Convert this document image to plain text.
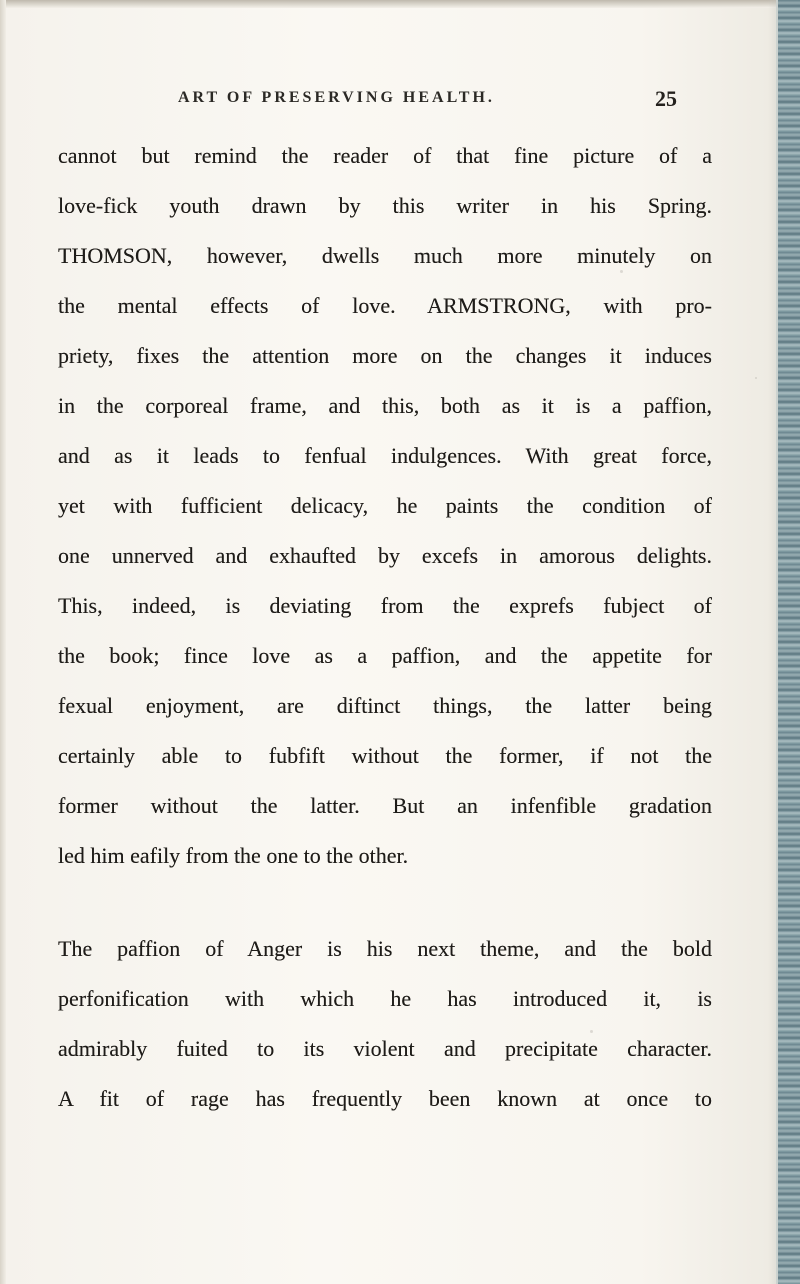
ART OF PRESERVING HEALTH.	25
cannot but remind the reader of that fine picture of a
love-fick youth drawn by this writer in his Spring.
THOMSON, however, dwells much more minutely on
the mental effects of love. ARMSTRONG, with pro-
priety, fixes the attention more on the changes it induces
in the corporeal frame, and this, both as it is a paffion,
and as it leads to fenfual indulgences. With great force,
yet with fufficient delicacy, he paints the condition of
one unnerved and exhaufted by excefs in amorous delights.
This, indeed, is deviating from the exprefs fubject of
the book; fince love as a paffion, and the appetite for
fexual enjoyment, are diftinct things, the latter being
certainly able to fubfift without the former, if not the
former without the latter. But an infenfible gradation
led him eafily from the one to the other.
The paffion of Anger is his next theme, and the bold
perfonification with which he has introduced it, is
admirably fuited to its violent and precipitate character.
A fit of rage has frequently been known at once to
